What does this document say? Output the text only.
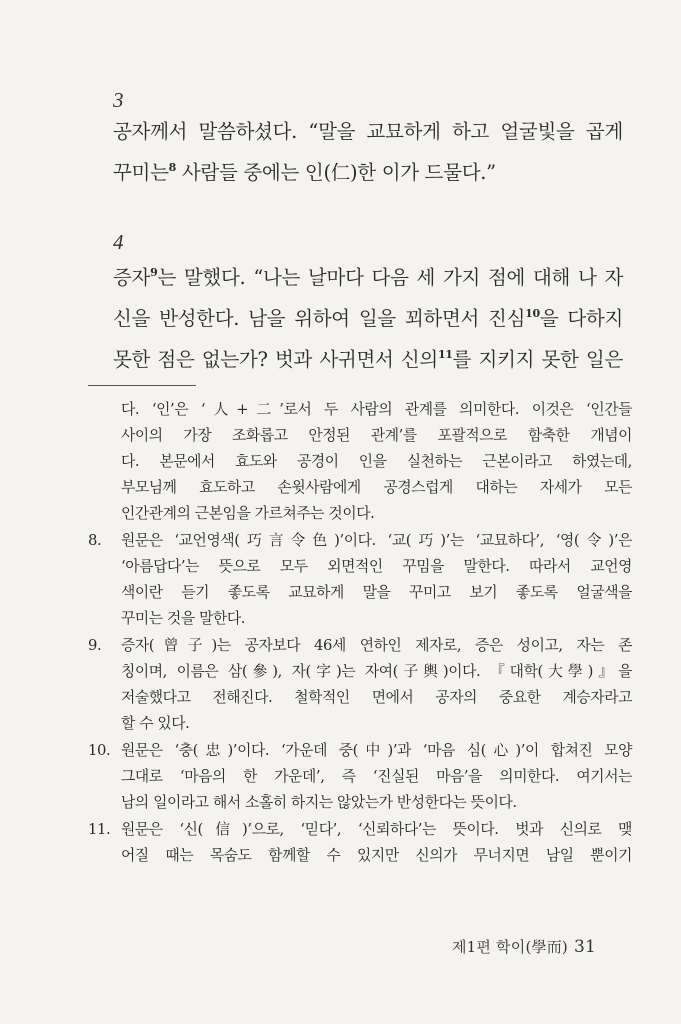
3
공자께서 말씀하셨다. “말을 교묘하게 하고 얼굴빛을 곱게
꾸미는$^8$ 사람들 중에는 인(仁)한 이가 드물다.”
4
증자$^9$는 말했다. “나는 날마다 다음 세 가지 점에 대해 나 자
신을 반성한다. 남을 위하여 일을 꾀하면서 진심$^{10}$을 다하지
못한 점은 없는가? 벗과 사귀면서 신의$^{11}$를 지키지 못한 일은
다. ‘인’은 ‘人+二’로서 두 사람의 관계를 의미한다. 이것은 ‘인간들
사이의 가장 조화롭고 안정된 관계’를 포괄적으로 함축한 개념이
다. 본문에서 효도와 공경이 인을 실천하는 근본이라고 하였는데,
부모님께 효도하고 손윗사람에게 공경스럽게 대하는 자세가 모든
인간관계의 근본임을 가르쳐주는 것이다.
8. 원문은 ‘교언영색(巧言令色)’이다. ‘교(巧)’는 ‘교묘하다’, ‘영(令)’은
‘아름답다’는 뜻으로 모두 외면적인 꾸밈을 말한다. 따라서 교언영
색이란 듣기 좋도록 교묘하게 말을 꾸미고 보기 좋도록 얼굴색을
꾸미는 것을 말한다.
9. 증자(曾子)는 공자보다 46세 연하인 제자로, 증은 성이고, 자는 존
칭이며, 이름은 삼(參), 자(字)는 자여(子輿)이다. 『대학(大學)』을
저술했다고 전해진다. 철학적인 면에서 공자의 중요한 계승자라고
할 수 있다.
10. 원문은 ‘충(忠)’이다. ‘가운데 중(中)’과 ‘마음 심(心)’이 합쳐진 모양
그대로 ‘마음의 한 가운데’, 즉 ‘진실된 마음’을 의미한다. 여기서는
남의 일이라고 해서 소홀히 하지는 않았는가 반성한다는 뜻이다.
11. 원문은 ‘신(信)’으로, ‘믿다’, ‘신뢰하다’는 뜻이다. 벗과 신의로 맺
어질 때는 목숨도 함께할 수 있지만 신의가 무너지면 남일 뿐이기
제1편 학이(學而) 31
